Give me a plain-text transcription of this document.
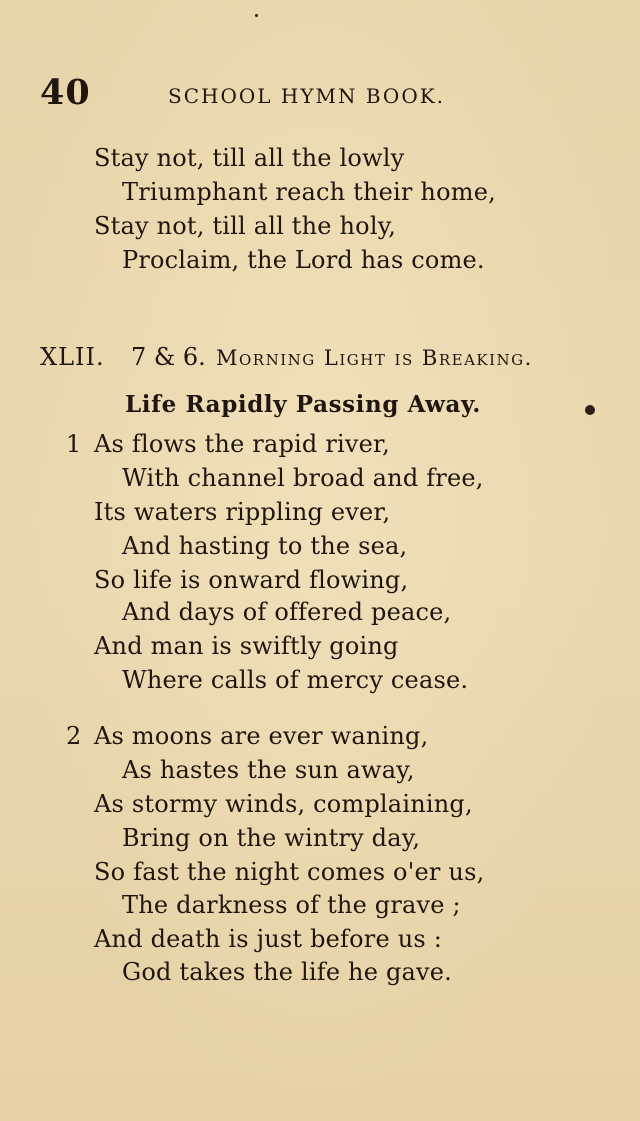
40	SCHOOL HYMN BOOK.
Stay not, till all the lowly
Triumphant reach their home,
Stay not, till all the holy,
Proclaim, the Lord has come.
XLII. 7 & 6. Morning Light is Breaking.
Life Rapidly Passing Away.
1 As flows the rapid river,
With channel broad and free,
Its waters rippling ever,
And hasting to the sea,
So life is onward flowing,
And days of offered peace,
And man is swiftly going
Where calls of mercy cease.
2 As moons are ever waning,
As hastes the sun away,
As stormy winds, complaining,
Bring on the wintry day,
So fast the night comes o'er us,
The darkness of the grave ;
And death is just before us :
God takes the life he gave.
